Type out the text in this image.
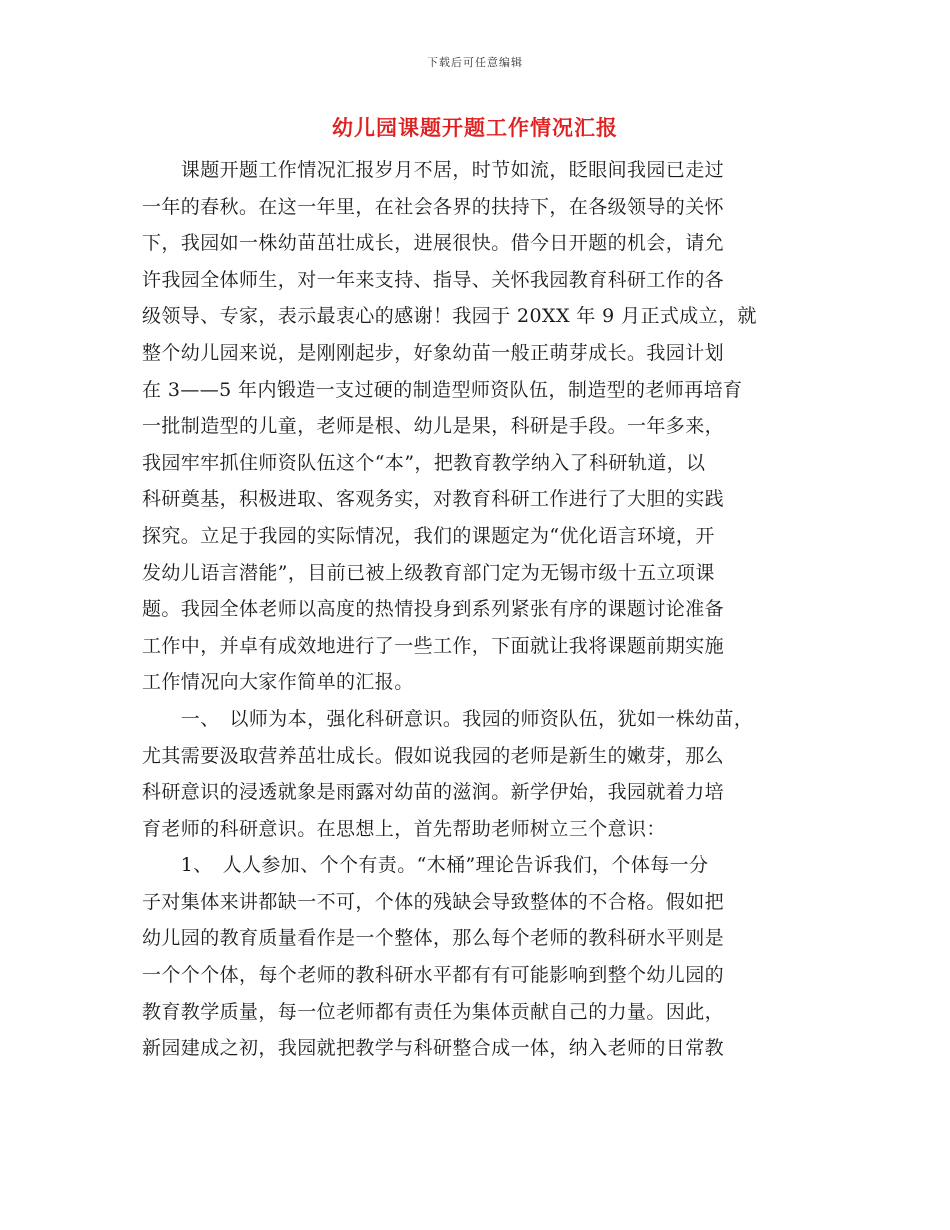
下载后可任意编辑
幼儿园课题开题工作情况汇报
　　课题开题工作情况汇报岁月不居，时节如流，眨眼间我园已走过
一年的春秋。在这一年里，在社会各界的扶持下，在各级领导的关怀
下，我园如一株幼苗茁壮成长，进展很快。借今日开题的机会，请允
许我园全体师生，对一年来支持、指导、关怀我园教育科研工作的各
级领导、专家，表示最衷心的感谢！我园于 20XX 年 9 月正式成立，就
整个幼儿园来说，是刚刚起步，好象幼苗一般正萌芽成长。我园计划
在 3——5 年内锻造一支过硬的制造型师资队伍，制造型的老师再培育
一批制造型的儿童，老师是根、幼儿是果，科研是手段。一年多来，
我园牢牢抓住师资队伍这个“本”，把教育教学纳入了科研轨道，以
科研奠基，积极进取、客观务实，对教育科研工作进行了大胆的实践
探究。立足于我园的实际情况，我们的课题定为“优化语言环境，开
发幼儿语言潜能”，目前已被上级教育部门定为无锡市级十五立项课
题。我园全体老师以高度的热情投身到系列紧张有序的课题讨论准备
工作中，并卓有成效地进行了一些工作，下面就让我将课题前期实施
工作情况向大家作简单的汇报。
　　一、　以师为本，强化科研意识。我园的师资队伍，犹如一株幼苗，
尤其需要汲取营养茁壮成长。假如说我园的老师是新生的嫩芽，那么
科研意识的浸透就象是雨露对幼苗的滋润。新学伊始，我园就着力培
育老师的科研意识。在思想上，首先帮助老师树立三个意识：
　　1、　人人参加、个个有责。“木桶”理论告诉我们，个体每一分
子对集体来讲都缺一不可，个体的残缺会导致整体的不合格。假如把
幼儿园的教育质量看作是一个整体，那么每个老师的教科研水平则是
一个个个体，每个老师的教科研水平都有有可能影响到整个幼儿园的
教育教学质量，每一位老师都有责任为集体贡献自己的力量。因此，
新园建成之初，我园就把教学与科研整合成一体，纳入老师的日常教
